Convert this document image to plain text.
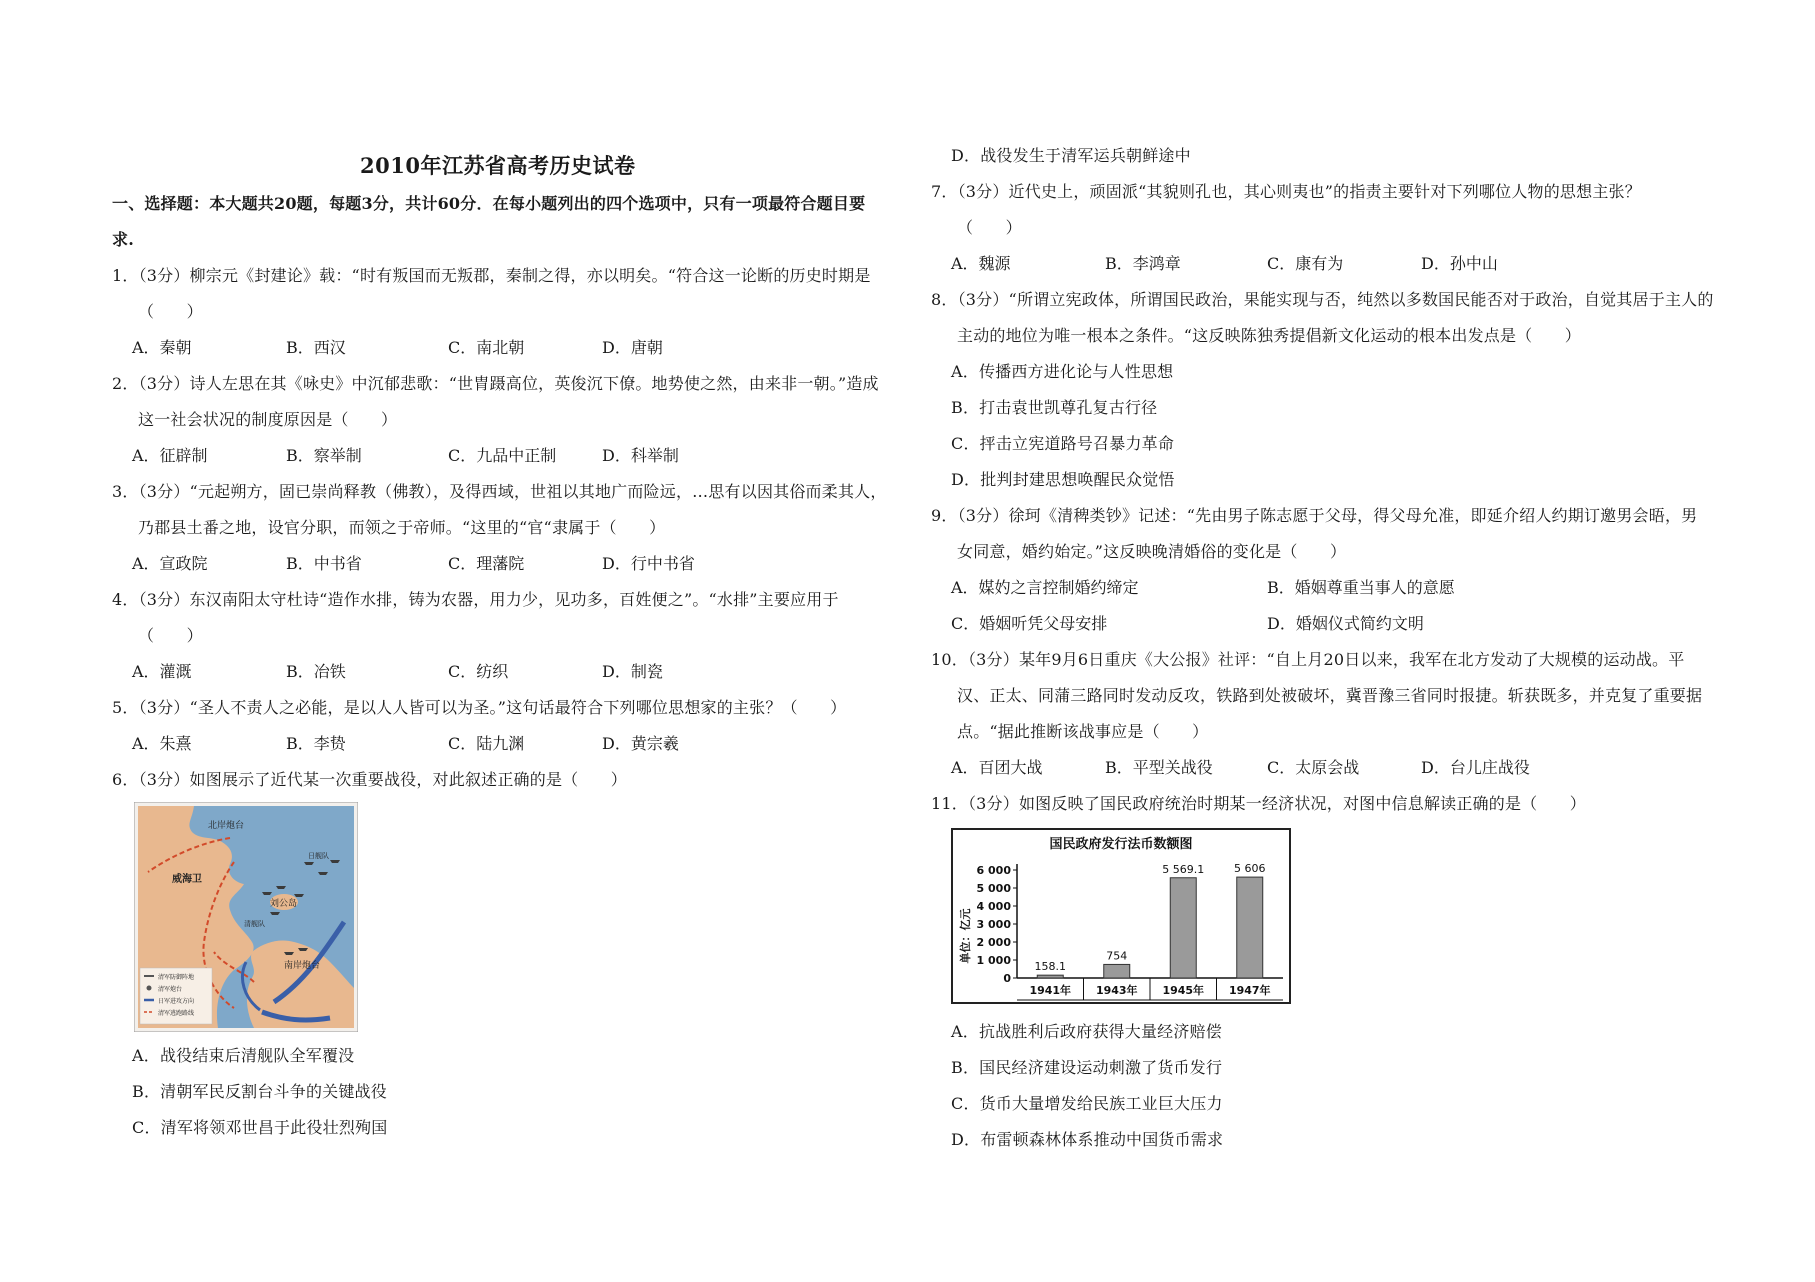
2010年江苏省高考历史试卷
一、选择题：本大题共20题，每题3分，共计60分．在每小题列出的四个选项中，只有一项最符合题目要
求.
1．（3分）柳宗元《封建论》载：“时有叛国而无叛郡，秦制之得，亦以明矣。“符合这一论断的历史时期是
（　　）
A．秦朝	B．西汉	C．南北朝	D．唐朝
2．（3分）诗人左思在其《咏史》中沉郁悲歌：“世胄蹑高位，英俊沉下僚。地势使之然，由来非一朝。”造成
这一社会状况的制度原因是（　　）
A．征辟制	B．察举制	C．九品中正制	D．科举制
3．（3分）“元起朔方，固已崇尚释教（佛教），及得西域，世祖以其地广而险远，…思有以因其俗而柔其人，
乃郡县土番之地，设官分职，而领之于帝师。“这里的“官“隶属于（　　）
A．宣政院	B．中书省	C．理藩院	D．行中书省
4．（3分）东汉南阳太守杜诗“造作水排，铸为农器，用力少，见功多，百姓便之”。“水排”主要应用于
（　　）
A．灌溉	B．冶铁	C．纺织	D．制瓷
5．（3分）“圣人不责人之必能，是以人人皆可以为圣。”这句话最符合下列哪位思想家的主张？（　　）
A．朱熹	B．李贽	C．陆九渊	D．黄宗羲
6．（3分）如图展示了近代某一次重要战役，对此叙述正确的是（　　）
北岸炮台
威海卫
刘公岛
日舰队
清舰队
南岸炮台
清军防御阵地
清军炮台
日军进攻方向
清军逃跑路线
A．战役结束后清舰队全军覆没
B．清朝军民反割台斗争的关键战役
C．清军将领邓世昌于此役壮烈殉国
D．战役发生于清军运兵朝鲜途中
7．（3分）近代史上，顽固派“其貌则孔也，其心则夷也”的指责主要针对下列哪位人物的思想主张？
（　　）
A．魏源	B．李鸿章	C．康有为	D．孙中山
8．（3分）“所谓立宪政体，所谓国民政治，果能实现与否，纯然以多数国民能否对于政治，自觉其居于主人的
主动的地位为唯一根本之条件。“这反映陈独秀提倡新文化运动的根本出发点是（　　）
A．传播西方进化论与人性思想
B．打击袁世凯尊孔复古行径
C．抨击立宪道路号召暴力革命
D．批判封建思想唤醒民众觉悟
9．（3分）徐珂《清稗类钞》记述：“先由男子陈志愿于父母，得父母允准，即延介绍人约期订邀男会晤，男
女同意，婚约始定。”这反映晚清婚俗的变化是（　　）
A．媒妁之言控制婚约缔定	B．婚姻尊重当事人的意愿
C．婚姻听凭父母安排	D．婚姻仪式简约文明
10．（3分）某年9月6日重庆《大公报》社评：“自上月20日以来，我军在北方发动了大规模的运动战。平
汉、正太、同蒲三路同时发动反攻，铁路到处被破坏，冀晋豫三省同时报捷。斩获既多，并克复了重要据
点。“据此推断该战事应是（　　）
A．百团大战	B．平型关战役	C．太原会战	D．台儿庄战役
11．（3分）如图反映了国民政府统治时期某一经济状况，对图中信息解读正确的是（　　）
国民政府发行法币数额图
单位：亿元
0
1 000
2 000
3 000
4 000
5 000
6 000
1941年 1943年 1945年 1947年
158.1
754
5 569.1	5 606
A．抗战胜利后政府获得大量经济赔偿
B．国民经济建设运动刺激了货币发行
C．货币大量增发给民族工业巨大压力
D．布雷顿森林体系推动中国货币需求
